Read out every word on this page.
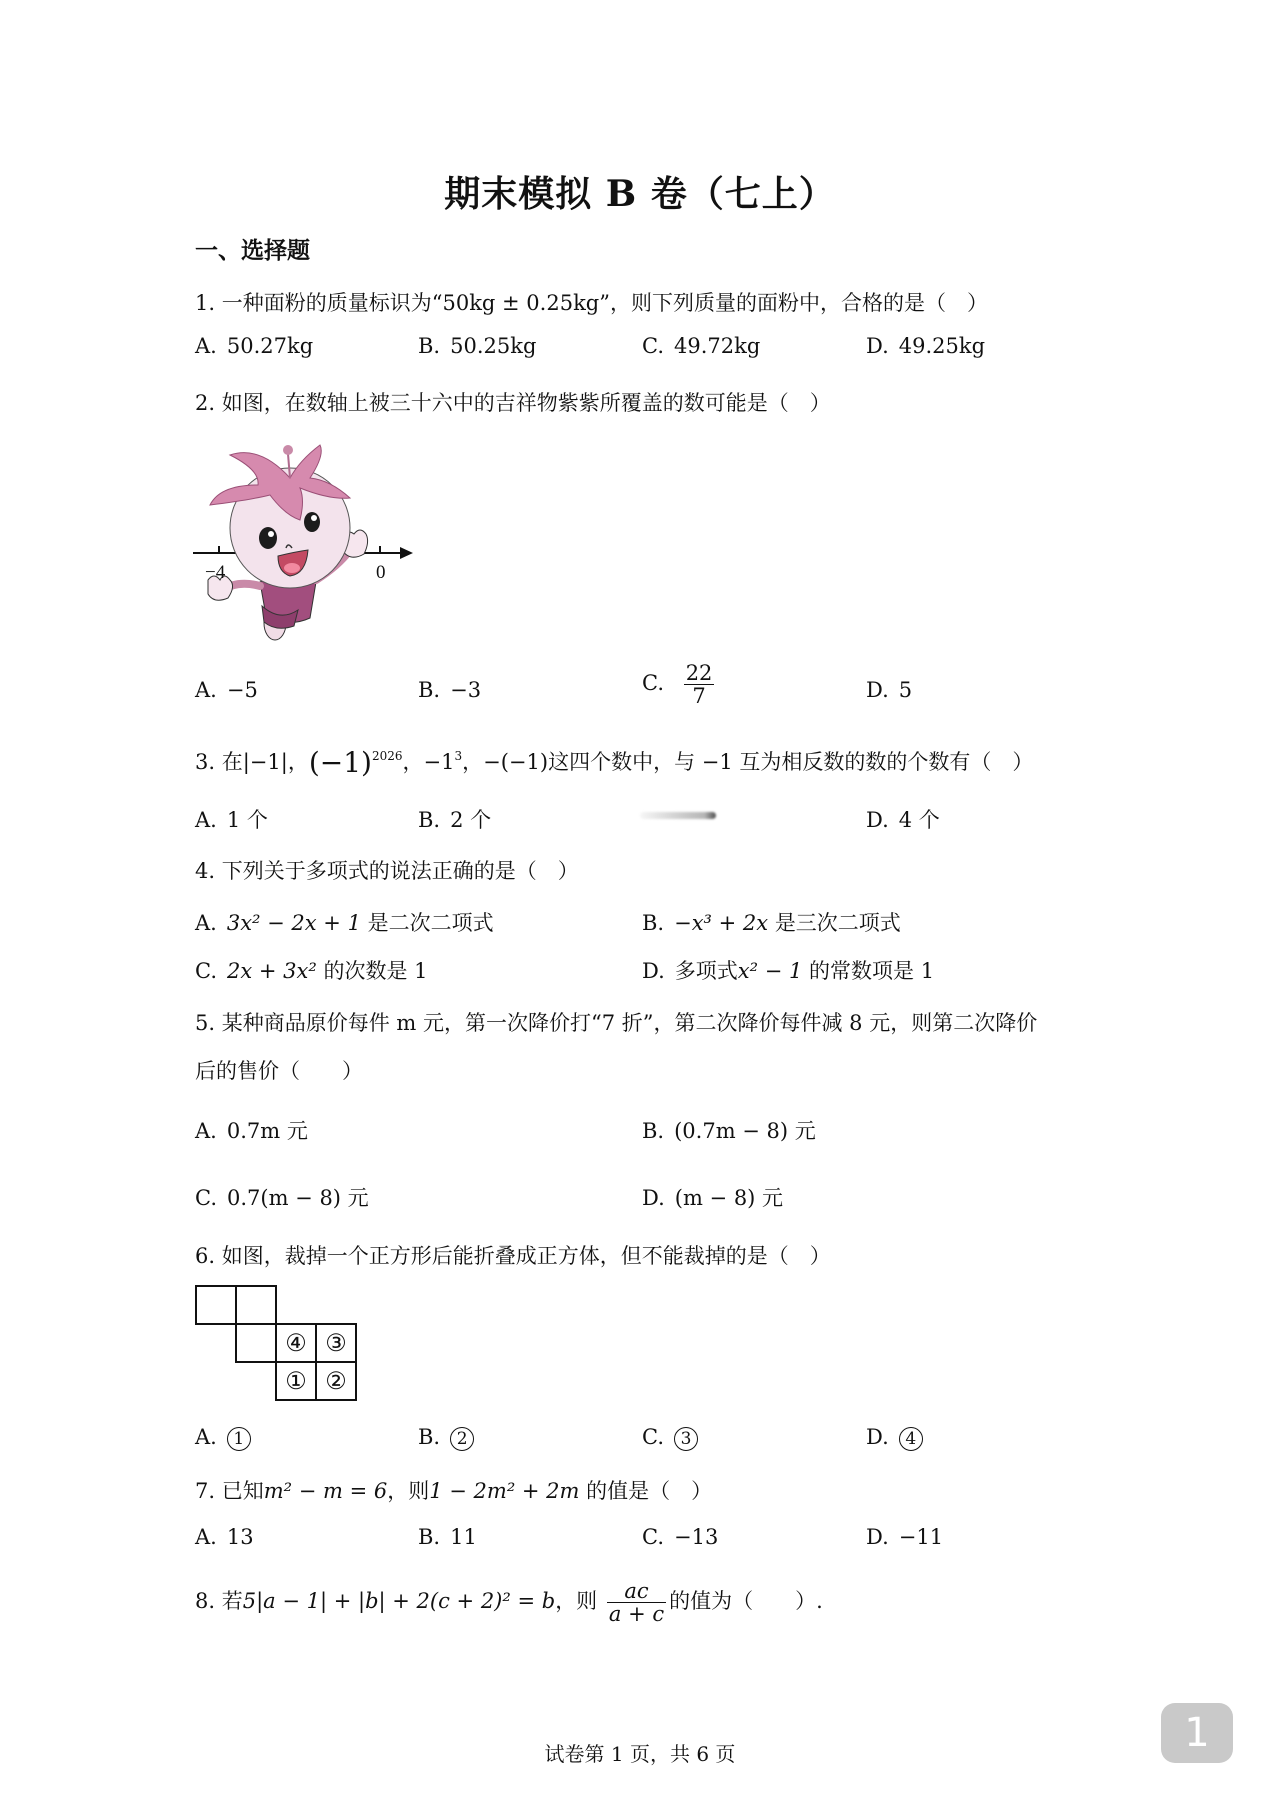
期末模拟 B 卷（七上）
一、选择题
1. 一种面粉的质量标识为“50kg ± 0.25kg”，则下列质量的面粉中，合格的是（　）
A. 50.27kg	B. 50.25kg	C. 49.72kg	D. 49.25kg
2. 如图，在数轴上被三十六中的吉祥物紫紫所覆盖的数可能是（　）
−4	0
A. −5	B. −3	C. $\frac{22}{7}$	D. 5
3. 在|−1|，$(-1)^{2026}$，$-1^3$，−(−1)这四个数中，与 −1 互为相反数的数的个数有（　）
A. 1 个	B. 2 个	D. 4 个
4. 下列关于多项式的说法正确的是（　）
A. 3x² − 2x + 1 是二次二项式	B. −x³ + 2x 是三次二项式
C. 2x + 3x² 的次数是 1	D. 多项式x² − 1 的常数项是 1
5. 某种商品原价每件 m 元，第一次降价打“7 折”，第二次降价每件减 8 元，则第二次降价
后的售价（　　）
A. 0.7m 元	B. (0.7m − 8) 元
C. 0.7(m − 8) 元	D. (m − 8) 元
6. 如图，裁掉一个正方形后能折叠成正方体，但不能裁掉的是（　）
④ ③
① ②
A. 1	B. 2	C. 3	D. 4
7. 已知m² − m = 6，则1 − 2m² + 2m 的值是（　）
A. 13	B. 11	C. −13	D. −11
8. 若5|a − 1| + |b| + 2(c + 2)² = b，则 $\frac{ac}{a + c}$ 的值为（　　）.
试卷第 1 页，共 6 页	1
